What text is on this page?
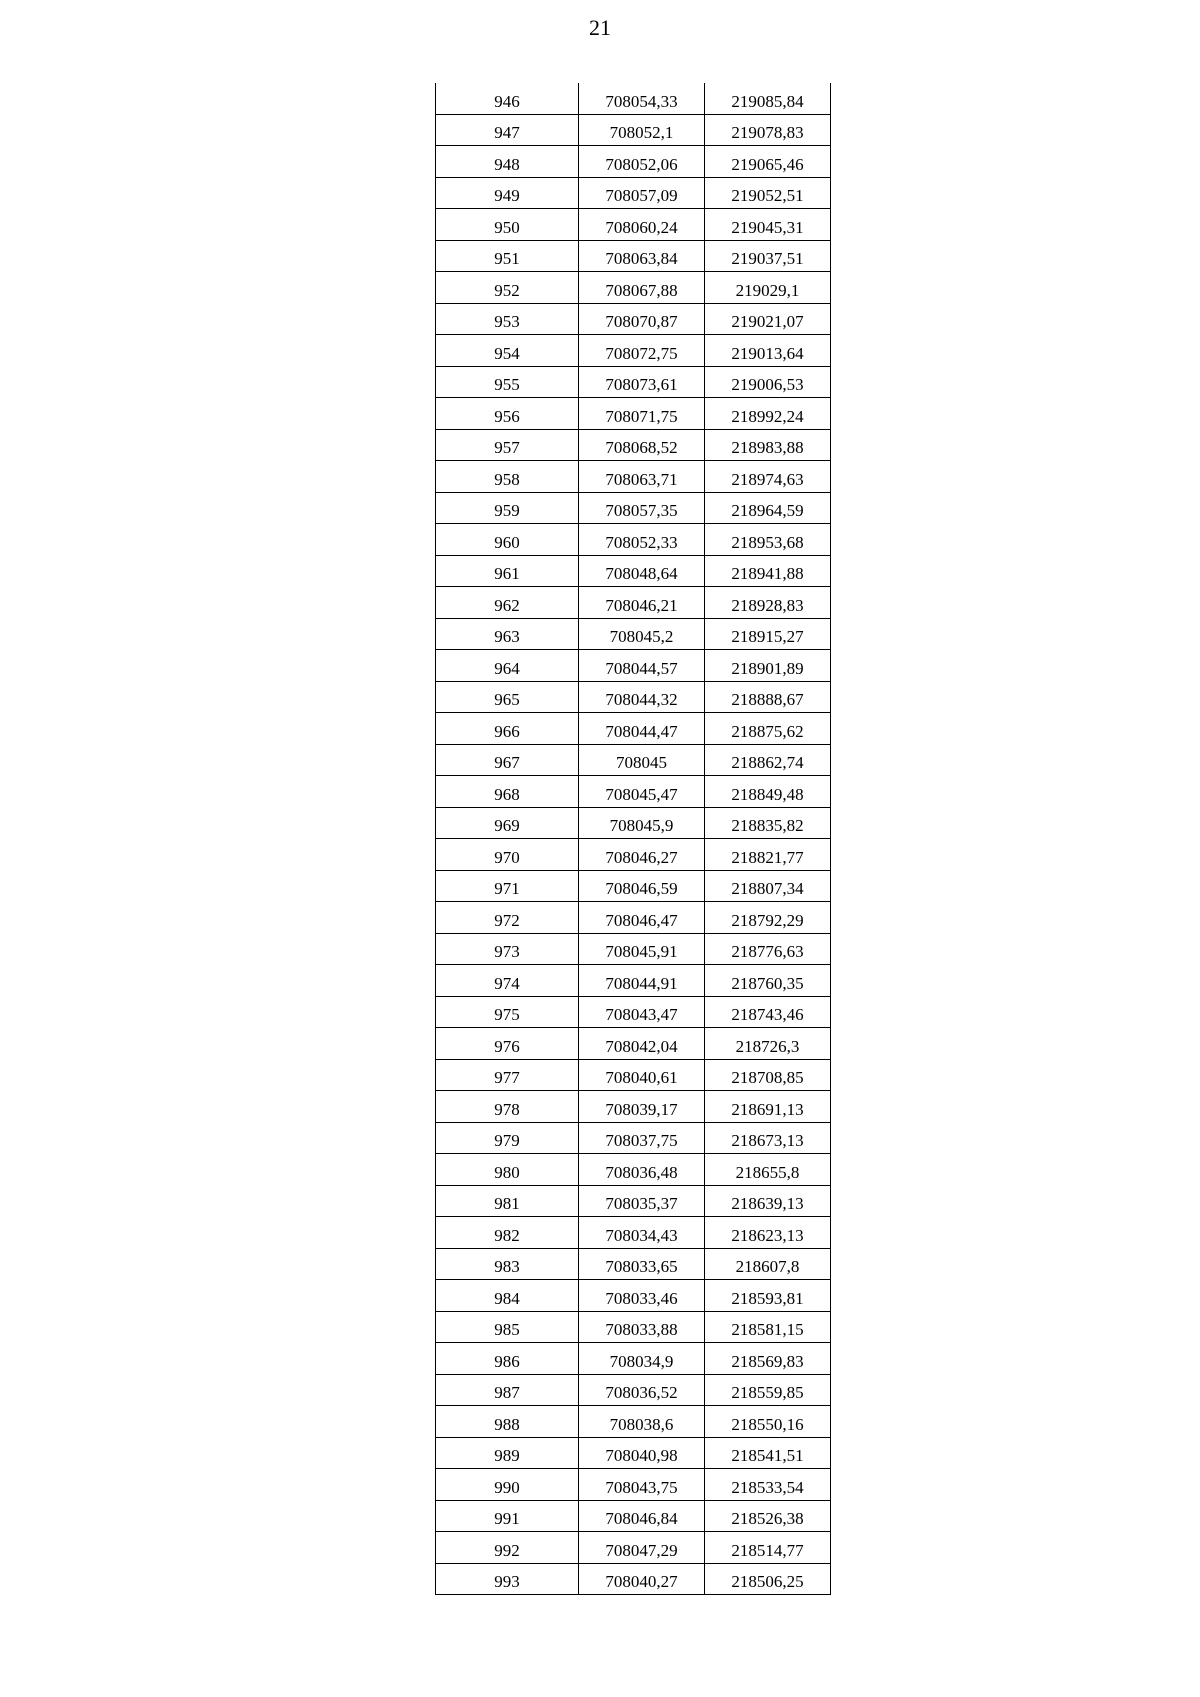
21
946	708054,33	219085,84
947	708052,1	219078,83
948	708052,06	219065,46
949	708057,09	219052,51
950	708060,24	219045,31
951	708063,84	219037,51
952	708067,88	219029,1
953	708070,87	219021,07
954	708072,75	219013,64
955	708073,61	219006,53
956	708071,75	218992,24
957	708068,52	218983,88
958	708063,71	218974,63
959	708057,35	218964,59
960	708052,33	218953,68
961	708048,64	218941,88
962	708046,21	218928,83
963	708045,2	218915,27
964	708044,57	218901,89
965	708044,32	218888,67
966	708044,47	218875,62
967	708045	218862,74
968	708045,47	218849,48
969	708045,9	218835,82
970	708046,27	218821,77
971	708046,59	218807,34
972	708046,47	218792,29
973	708045,91	218776,63
974	708044,91	218760,35
975	708043,47	218743,46
976	708042,04	218726,3
977	708040,61	218708,85
978	708039,17	218691,13
979	708037,75	218673,13
980	708036,48	218655,8
981	708035,37	218639,13
982	708034,43	218623,13
983	708033,65	218607,8
984	708033,46	218593,81
985	708033,88	218581,15
986	708034,9	218569,83
987	708036,52	218559,85
988	708038,6	218550,16
989	708040,98	218541,51
990	708043,75	218533,54
991	708046,84	218526,38
992	708047,29	218514,77
993	708040,27	218506,25
